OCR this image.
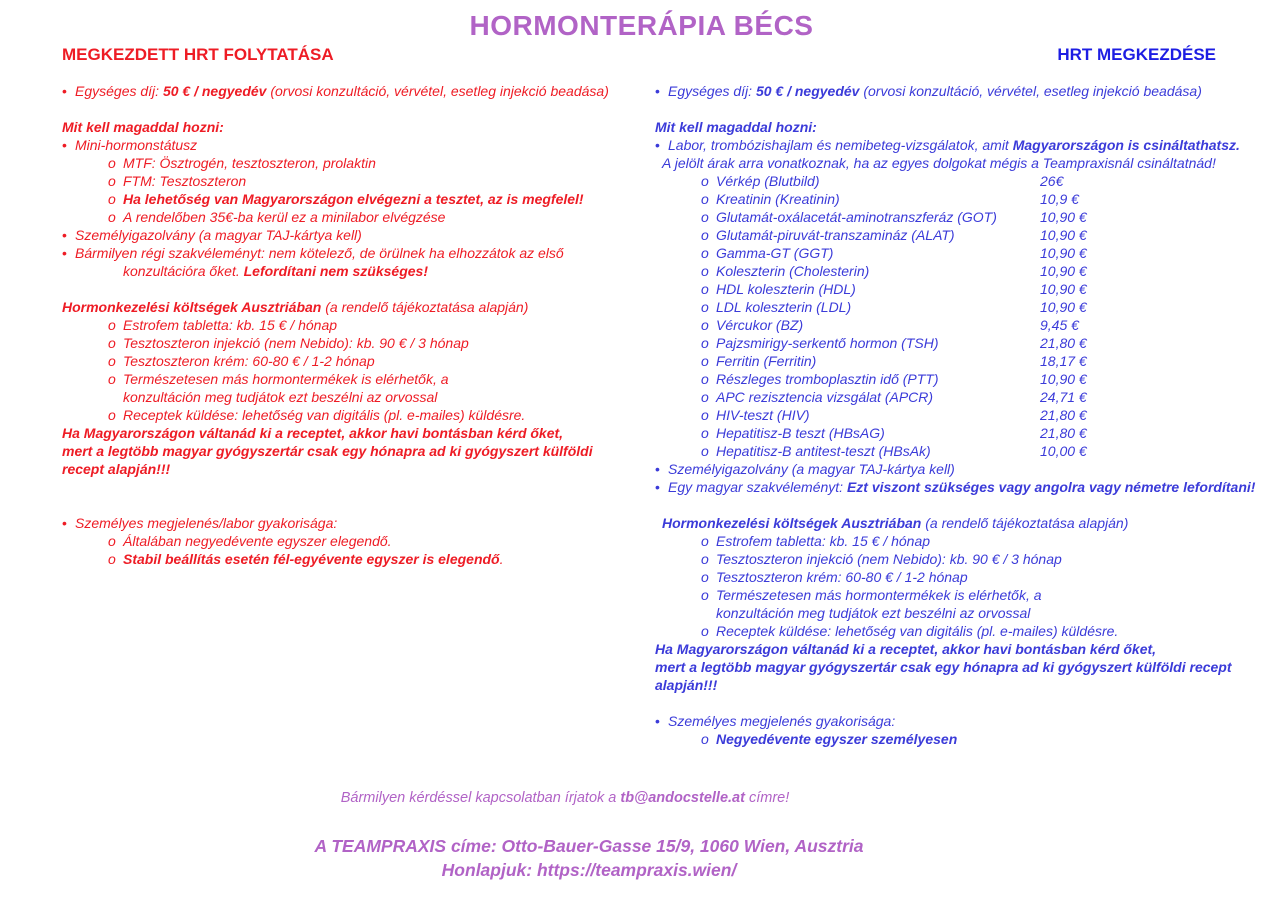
HORMONTERÁPIA BÉCS
MEGKEZDETT HRT FOLYTATÁSA	HRT MEGKEZDÉSE
• Egységes díj: 50 € / negyedév (orvosi konzultáció, vérvétel, esetleg injekció beadása)
Mit kell magaddal hozni:
• Mini-hormonstátusz
o MTF: Ösztrogén, tesztoszteron, prolaktin
o FTM: Tesztoszteron
o Ha lehetőség van Magyarországon elvégezni a tesztet, az is megfelel!
o A rendelőben 35€-ba kerül ez a minilabor elvégzése
• Személyigazolvány (a magyar TAJ-kártya kell)
• Bármilyen régi szakvéleményt: nem kötelező, de örülnek ha elhozzátok az első
konzultációra őket. Lefordítani nem szükséges!
Hormonkezelési költségek Ausztriában (a rendelő tájékoztatása alapján)
o Estrofem tabletta: kb. 15 € / hónap
o Tesztoszteron injekció (nem Nebido): kb. 90 € / 3 hónap
o Tesztoszteron krém: 60-80 € / 1-2 hónap
o Természetesen más hormontermékek is elérhetők, a
konzultáción meg tudjátok ezt beszélni az orvossal
o Receptek küldése: lehetőség van digitális (pl. e-mailes) küldésre.
Ha Magyarországon váltanád ki a receptet, akkor havi bontásban kérd őket,
mert a legtöbb magyar gyógyszertár csak egy hónapra ad ki gyógyszert külföldi
recept alapján!!!
• Személyes megjelenés/labor gyakorisága:
o Általában negyedévente egyszer elegendő.
o Stabil beállítás esetén fél-egyévente egyszer is elegendő.
• Egységes díj: 50 € / negyedév (orvosi konzultáció, vérvétel, esetleg injekció beadása)
Mit kell magaddal hozni:
• Labor, trombózishajlam és nemibeteg-vizsgálatok, amit Magyarországon is csináltathatsz.
A jelölt árak arra vonatkoznak, ha az egyes dolgokat mégis a Teampraxisnál csináltatnád!
o Vérkép (Blutbild)	26€
o Kreatinin (Kreatinin)	10,9 €
o Glutamát-oxálacetát-aminotranszferáz (GOT)	10,90 €
o Glutamát-piruvát-transzamináz (ALAT)	10,90 €
o Gamma-GT (GGT)	10,90 €
o Koleszterin (Cholesterin)	10,90 €
o HDL koleszterin (HDL)	10,90 €
o LDL koleszterin (LDL)	10,90 €
o Vércukor (BZ)	9,45 €
o Pajzsmirigy-serkentő hormon (TSH)	21,80 €
o Ferritin (Ferritin)	18,17 €
o Részleges tromboplasztin idő (PTT)	10,90 €
o APC rezisztencia vizsgálat (APCR)	24,71 €
o HIV-teszt (HIV)	21,80 €
o Hepatitisz-B teszt (HBsAG)	21,80 €
o Hepatitisz-B antitest-teszt (HBsAk)	10,00 €
• Személyigazolvány (a magyar TAJ-kártya kell)
• Egy magyar szakvéleményt: Ezt viszont szükséges vagy angolra vagy németre lefordítani!
Hormonkezelési költségek Ausztriában (a rendelő tájékoztatása alapján)
o Estrofem tabletta: kb. 15 € / hónap
o Tesztoszteron injekció (nem Nebido): kb. 90 € / 3 hónap
o Tesztoszteron krém: 60-80 € / 1-2 hónap
o Természetesen más hormontermékek is elérhetők, a
konzultáción meg tudjátok ezt beszélni az orvossal
o Receptek küldése: lehetőség van digitális (pl. e-mailes) küldésre.
Ha Magyarországon váltanád ki a receptet, akkor havi bontásban kérd őket,
mert a legtöbb magyar gyógyszertár csak egy hónapra ad ki gyógyszert külföldi recept
alapján!!!
• Személyes megjelenés gyakorisága:
o Negyedévente egyszer személyesen
Bármilyen kérdéssel kapcsolatban írjatok a tb@andocstelle.at címre!
A TEAMPRAXIS címe: Otto-Bauer-Gasse 15/9, 1060 Wien, Ausztria
Honlapjuk: https://teampraxis.wien/
